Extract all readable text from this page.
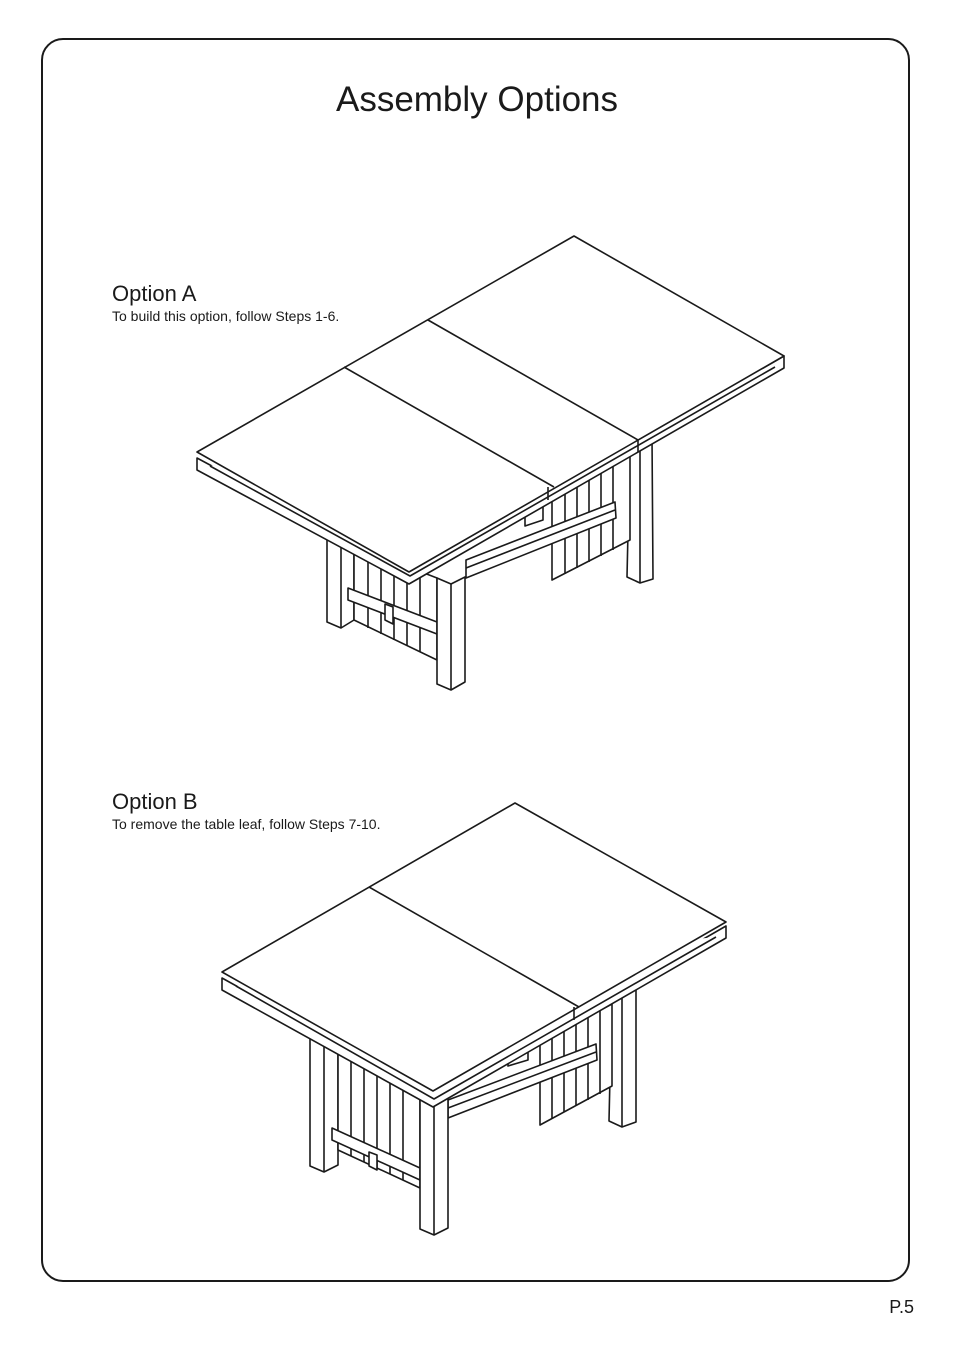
Assembly Options

Option A

To build this option, follow Steps 1-6.

Option B

To remove the table leaf, follow Steps 7-10.

P.5
